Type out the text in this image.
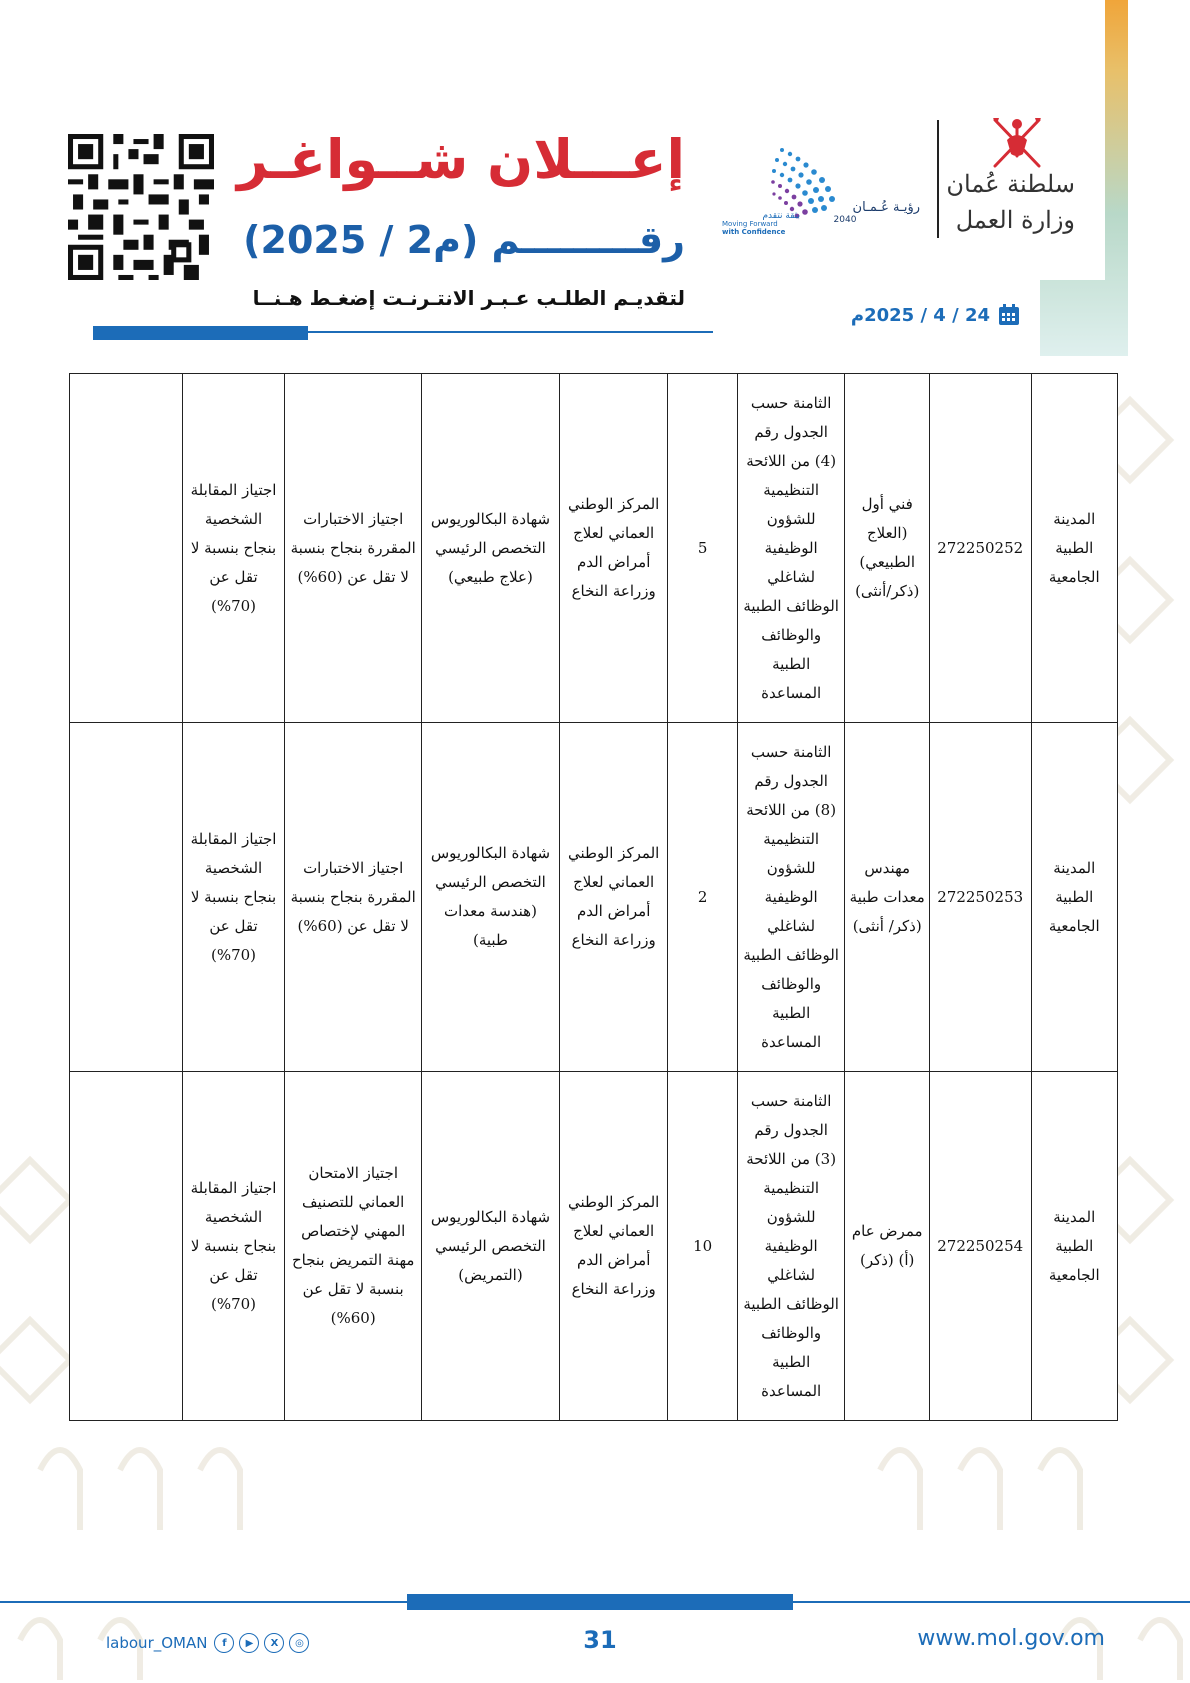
إعـــلان شــواغـر
رقـــــــــم (م2 / 2025)
لتقديـم الطلـب عـبـر الانتـرنـت إضغـط هـنــا
24 / 4 / 2025م
رؤيـة عُـمـان
2040
بثقة نتقدم
Moving Forward
with Confidence
سلطنة عُمان
وزارة العمل
المدينة الطبية الجامعية	272250252	فني أول (العلاج الطبيعي) (ذكر/أنثى)	الثامنة حسب الجدول رقم (4) من اللائحة التنظيمية للشؤون الوظيفية لشاغلي الوظائف الطبية والوظائف الطبية المساعدة	5	المركز الوطني العماني لعلاج أمراض الدم وزراعة النخاع	شهادة البكالوريوس التخصص الرئيسي (علاج طبيعي)	اجتياز الاختبارات المقررة بنجاح بنسبة لا تقل عن (60%)	اجتياز المقابلة الشخصية بنجاح بنسبة لا تقل عن (70%)	
المدينة الطبية الجامعية	272250253	مهندس معدات طبية (ذكر/ أنثى)	الثامنة حسب الجدول رقم (8) من اللائحة التنظيمية للشؤون الوظيفية لشاغلي الوظائف الطبية والوظائف الطبية المساعدة	2	المركز الوطني العماني لعلاج أمراض الدم وزراعة النخاع	شهادة البكالوريوس التخصص الرئيسي (هندسة معدات طبية)	اجتياز الاختبارات المقررة بنجاح بنسبة لا تقل عن (60%)	اجتياز المقابلة الشخصية بنجاح بنسبة لا تقل عن (70%)	
المدينة الطبية الجامعية	272250254	ممرض عام (أ) (ذكر)	الثامنة حسب الجدول رقم (3) من اللائحة التنظيمية للشؤون الوظيفية لشاغلي الوظائف الطبية والوظائف الطبية المساعدة	10	المركز الوطني العماني لعلاج أمراض الدم وزراعة النخاع	شهادة البكالوريوس التخصص الرئيسي (التمريض)	اجتياز الامتحان العماني للتصنيف المهني لإختصاص مهنة التمريض بنجاح بنسبة لا تقل عن (60%)	اجتياز المقابلة الشخصية بنجاح بنسبة لا تقل عن (70%)	
labour_OMAN	f	▶	X	◎	31	www.mol.gov.om
